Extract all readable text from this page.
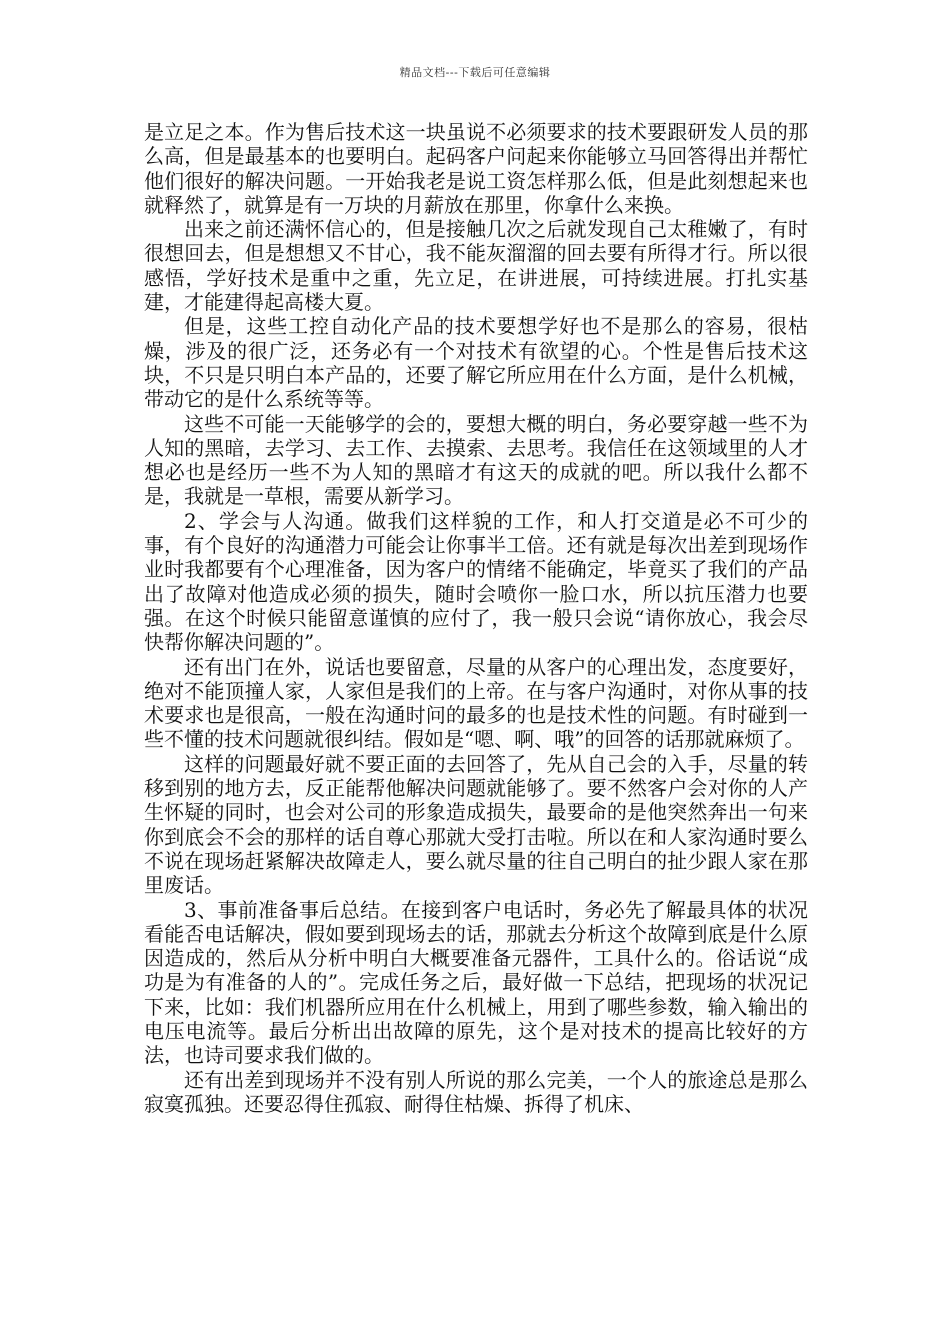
精品文档---下载后可任意编辑

是立足之本。作为售后技术这一块虽说不必须要求的技术要跟研发人员的那么高，但是最基本的也要明白。起码客户问起来你能够立马回答得出并帮忙他们很好的解决问题。一开始我老是说工资怎样那么低，但是此刻想起来也就释然了，就算是有一万块的月薪放在那里，你拿什么来换。

出来之前还满怀信心的，但是接触几次之后就发现自己太稚嫩了，有时很想回去，但是想想又不甘心，我不能灰溜溜的回去要有所得才行。所以很感悟，学好技术是重中之重，先立足，在讲进展，可持续进展。打扎实基建，才能建得起高楼大夏。

但是，这些工控自动化产品的技术要想学好也不是那么的容易，很枯燥，涉及的很广泛，还务必有一个对技术有欲望的心。个性是售后技术这块，不只是只明白本产品的，还要了解它所应用在什么方面，是什么机械，带动它的是什么系统等等。

这些不可能一天能够学的会的，要想大概的明白，务必要穿越一些不为人知的黑暗，去学习、去工作、去摸索、去思考。我信任在这领域里的人才想必也是经历一些不为人知的黑暗才有这天的成就的吧。所以我什么都不是，我就是一草根，需要从新学习。

2、学会与人沟通。做我们这样貌的工作，和人打交道是必不可少的事，有个良好的沟通潜力可能会让你事半工倍。还有就是每次出差到现场作业时我都要有个心理准备，因为客户的情绪不能确定，毕竟买了我们的产品出了故障对他造成必须的损失，随时会喷你一脸口水，所以抗压潜力也要强。在这个时候只能留意谨慎的应付了，我一般只会说“请你放心，我会尽快帮你解决问题的”。

还有出门在外，说话也要留意，尽量的从客户的心理出发，态度要好，绝对不能顶撞人家，人家但是我们的上帝。在与客户沟通时，对你从事的技术要求也是很高，一般在沟通时问的最多的也是技术性的问题。有时碰到一些不懂的技术问题就很纠结。假如是“嗯、啊、哦”的回答的话那就麻烦了。

这样的问题最好就不要正面的去回答了，先从自己会的入手，尽量的转移到别的地方去，反正能帮他解决问题就能够了。要不然客户会对你的人产生怀疑的同时，也会对公司的形象造成损失，最要命的是他突然奔出一句来你到底会不会的那样的话自尊心那就大受打击啦。所以在和人家沟通时要么不说在现场赶紧解决故障走人，要么就尽量的往自己明白的扯少跟人家在那里废话。

3、事前准备事后总结。在接到客户电话时，务必先了解最具体的状况看能否电话解决，假如要到现场去的话，那就去分析这个故障到底是什么原因造成的，然后从分析中明白大概要准备元器件，工具什么的。俗话说“成功是为有准备的人的”。完成任务之后，最好做一下总结，把现场的状况记下来，比如：我们机器所应用在什么机械上，用到了哪些参数，输入输出的电压电流等。最后分析出出故障的原先，这个是对技术的提高比较好的方法，也诗司要求我们做的。

还有出差到现场并不没有别人所说的那么完美，一个人的旅途总是那么寂寞孤独。还要忍得住孤寂、耐得住枯燥、拆得了机床、
